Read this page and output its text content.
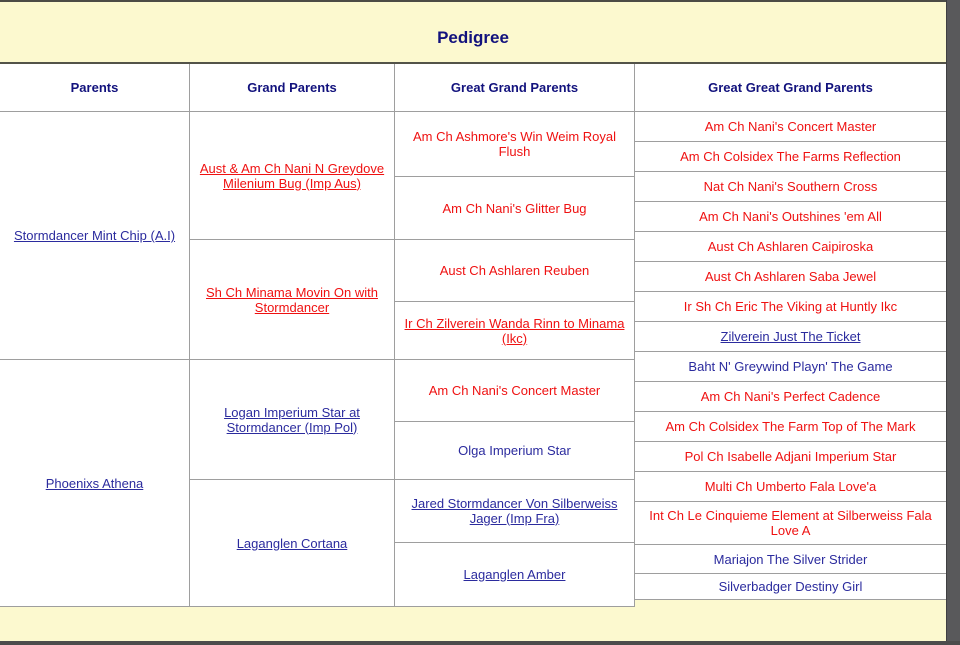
Pedigree
Parents
Stormdancer Mint Chip (A.I)
Phoenixs Athena
Grand Parents
Aust & Am Ch Nani N Greydove Milenium Bug (Imp Aus)
Sh Ch Minama Movin On with Stormdancer
Logan Imperium Star at Stormdancer (Imp Pol)
Laganglen Cortana
Great Grand Parents
Am Ch Ashmore's Win Weim Royal Flush
Am Ch Nani's Glitter Bug
Aust Ch Ashlaren Reuben
Ir Ch Zilverein Wanda Rinn to Minama (Ikc)
Am Ch Nani's Concert Master
Olga Imperium Star
Jared Stormdancer Von Silberweiss Jager (Imp Fra)
Laganglen Amber
Great Great Grand Parents
Am Ch Nani's Concert Master
Am Ch Colsidex The Farms Reflection
Nat Ch Nani's Southern Cross
Am Ch Nani's Outshines 'em All
Aust Ch Ashlaren Caipiroska
Aust Ch Ashlaren Saba Jewel
Ir Sh Ch Eric The Viking at Huntly Ikc
Zilverein Just The Ticket
Baht N' Greywind Playn' The Game
Am Ch Nani's Perfect Cadence
Am Ch Colsidex The Farm Top of The Mark
Pol Ch Isabelle Adjani Imperium Star
Multi Ch Umberto Fala Love'a
Int Ch Le Cinquieme Element at Silberweiss Fala Love A
Mariajon The Silver Strider
Silverbadger Destiny Girl
